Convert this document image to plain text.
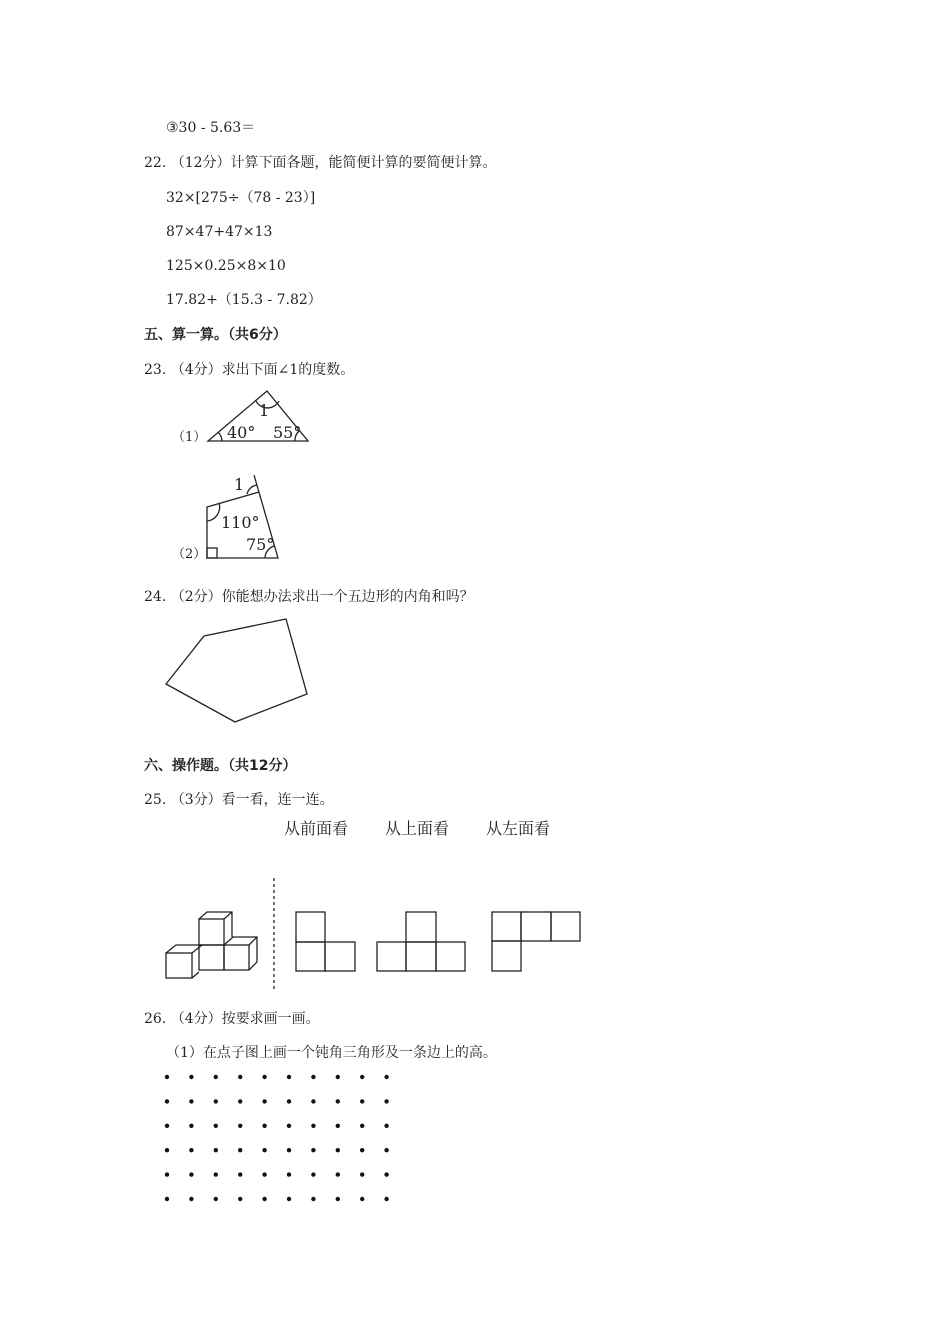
③30 - 5.63＝
22. （12分）计算下面各题，能简便计算的要简便计算。
32×[275÷（78 - 23）]
87×47+47×13
125×0.25×8×10
17.82+（15.3 - 7.82）
五、算一算。（共6分）
23. （4分）求出下面∠1的度数。
（1）
1
40° 55°
（2）
1
110°
75°
24. （2分）你能想办法求出一个五边形的内角和吗？
六、操作题。（共12分）
25. （3分）看一看，连一连。
从前面看 从上面看 从左面看
26. （4分）按要求画一画。
（1）在点子图上画一个钝角三角形及一条边上的高。
